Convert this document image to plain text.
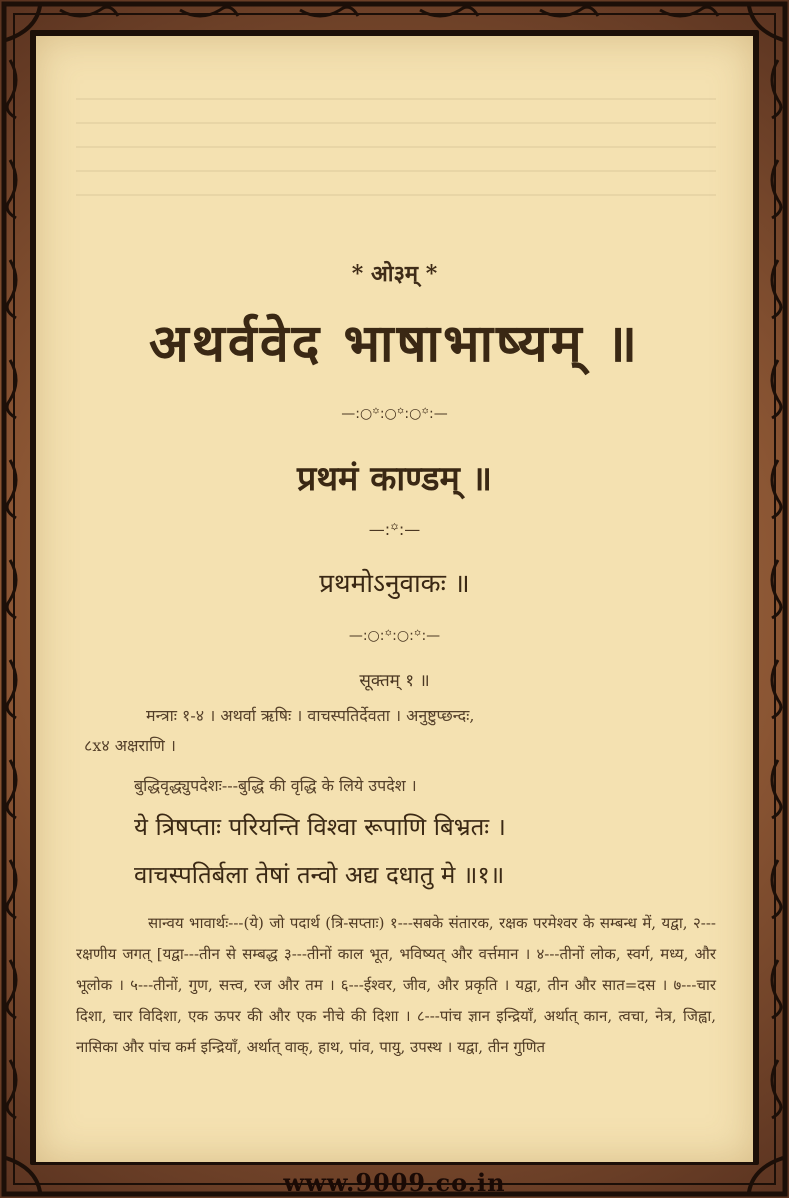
* ओ३म् *
अथर्ववेद भाषाभाष्यम् ॥
—:○꙳:○꙳:○꙳:—
प्रथमं काण्डम् ॥
—:꙳:—
प्रथमोऽनुवाकः ॥
—:○:꙳:○:꙳:—
सूक्तम् १ ॥
मन्त्राः १-४ । अथर्वा ऋषिः । वाचस्पतिर्देवता । अनुष्टुप्छन्दः,
८x४ अक्षराणि ।
बुद्धिवृद्ध्युपदेशः---बुद्धि की वृद्धि के लिये उपदेश ।
ये त्रिषप्ताः परियन्ति विश्वा रूपाणि बिभ्रतः ।
वाचस्पतिर्बला तेषां तन्वो अद्य दधातु मे ॥१॥
सान्वय भावार्थः---(ये) जो पदार्थ (त्रि-सप्ताः) १---सबके संतारक, रक्षक परमेश्वर के सम्बन्ध में, यद्वा, २---रक्षणीय जगत् [यद्वा---तीन से सम्बद्ध ३---तीनों काल भूत, भविष्यत् और वर्त्तमान । ४---तीनों लोक, स्वर्ग, मध्य, और भूलोक । ५---तीनों, गुण, सत्त्व, रज और तम । ६---ईश्वर, जीव, और प्रकृति । यद्वा, तीन और सात=दस । ७---चार दिशा, चार विदिशा, एक ऊपर की और एक नीचे की दिशा । ८---पांच ज्ञान इन्द्रियाँ, अर्थात् कान, त्वचा, नेत्र, जिह्वा, नासिका और पांच कर्म इन्द्रियाँ, अर्थात् वाक्, हाथ, पांव, पायु, उपस्थ । यद्वा, तीन गुणित
www.9009.co.in
